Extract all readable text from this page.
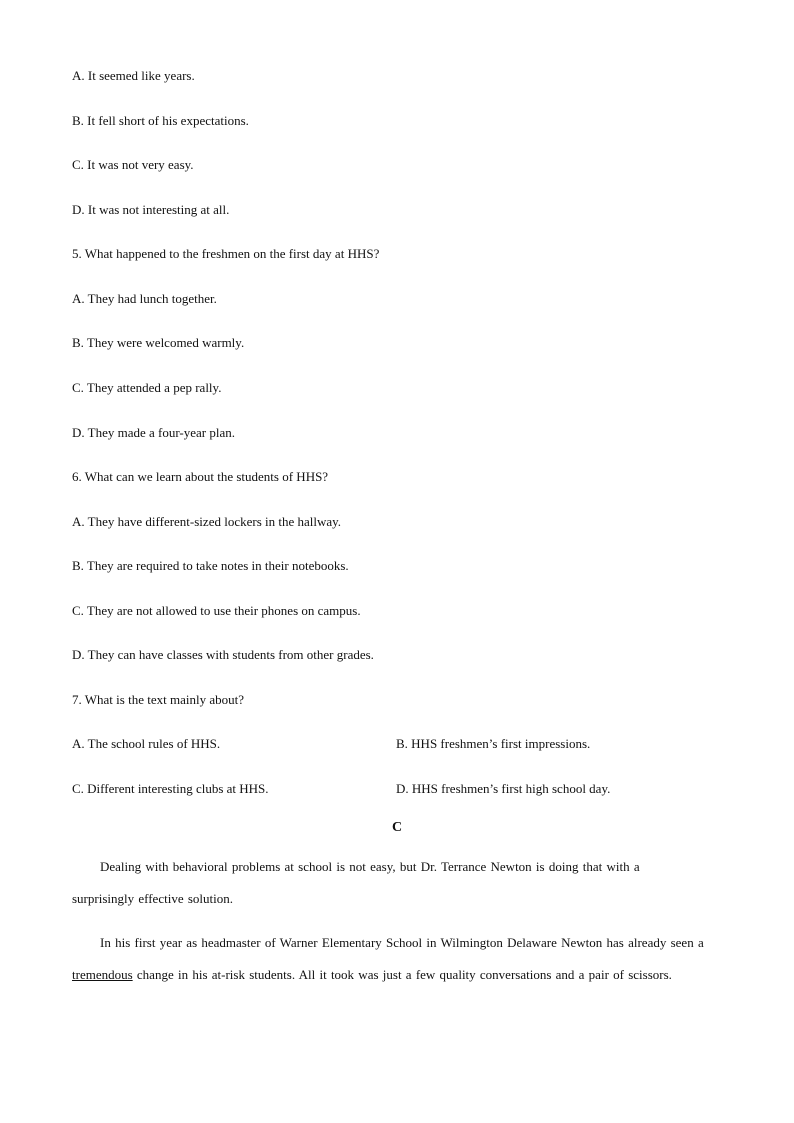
A. It seemed like years.
B. It fell short of his expectations.
C. It was not very easy.
D. It was not interesting at all.
5. What happened to the freshmen on the first day at HHS?
A. They had lunch together.
B. They were welcomed warmly.
C. They attended a pep rally.
D. They made a four-year plan.
6. What can we learn about the students of HHS?
A. They have different-sized lockers in the hallway.
B. They are required to take notes in their notebooks.
C. They are not allowed to use their phones on campus.
D. They can have classes with students from other grades.
7. What is the text mainly about?
A. The school rules of HHS.	B. HHS freshmen’s first impressions.
C. Different interesting clubs at HHS.	D. HHS freshmen’s first high school day.
C

Dealing with behavioral problems at school is not easy, but Dr. Terrance Newton is doing that with a surprisingly effective solution.

In his first year as headmaster of Warner Elementary School in Wilmington Delaware Newton has already seen a tremendous change in his at-risk students. All it took was just a few quality conversations and a pair of scissors.
